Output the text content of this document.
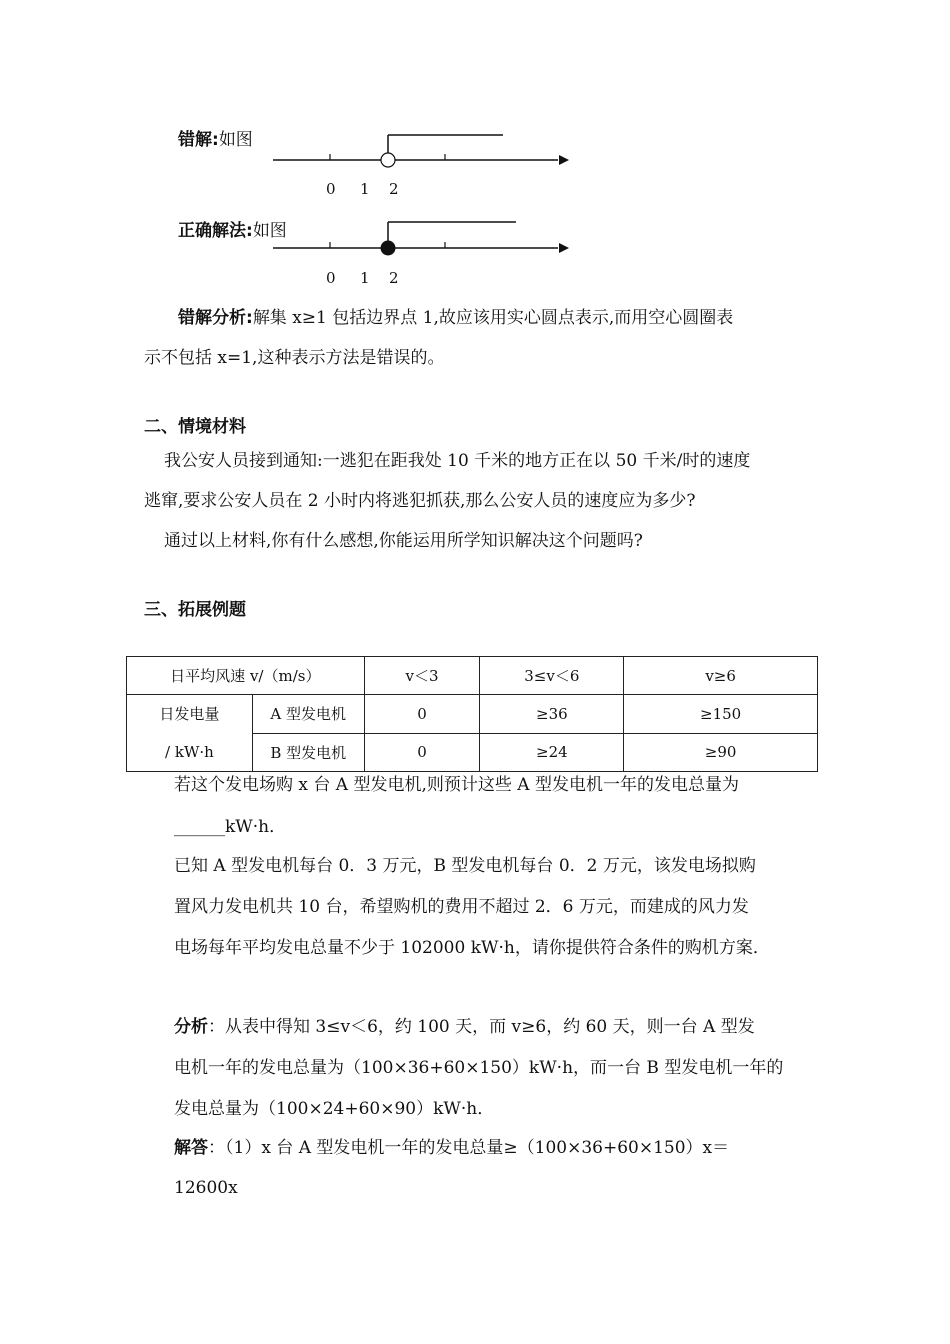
错解:如图
0 1 2
正确解法:如图
0 1 2
错解分析:解集 x≥1 包括边界点 1,故应该用实心圆点表示,而用空心圆圈表
示不包括 x=1,这种表示方法是错误的。
二、情境材料
我公安人员接到通知:一逃犯在距我处 10 千米的地方正在以 50 千米/时的速度
逃窜,要求公安人员在 2 小时内将逃犯抓获,那么公安人员的速度应为多少?
通过以上材料,你有什么感想,你能运用所学知识解决这个问题吗?
三、拓展例题
日平均风速 v/（m/s）		v＜3	3≤v＜6	v≥6

日发电量
/ kW·h	A 型发电机	0	≥36	≥150
	B 型发电机	0	≥24	≥90
若这个发电场购 x 台 A 型发电机,则预计这些 A 型发电机一年的发电总量为
______kW·h．
已知 A 型发电机每台 0．3 万元，B 型发电机每台 0．2 万元，该发电场拟购
置风力发电机共 10 台，希望购机的费用不超过 2．6 万元，而建成的风力发
电场每年平均发电总量不少于 102000 kW·h，请你提供符合条件的购机方案．
分析：从表中得知 3≤v＜6，约 100 天，而 v≥6，约 60 天，则一台 A 型发
电机一年的发电总量为（100×36+60×150）kW·h，而一台 B 型发电机一年的
发电总量为（100×24+60×90）kW·h．
解答：（1）x 台 A 型发电机一年的发电总量≥（100×36+60×150）x＝
12600x
